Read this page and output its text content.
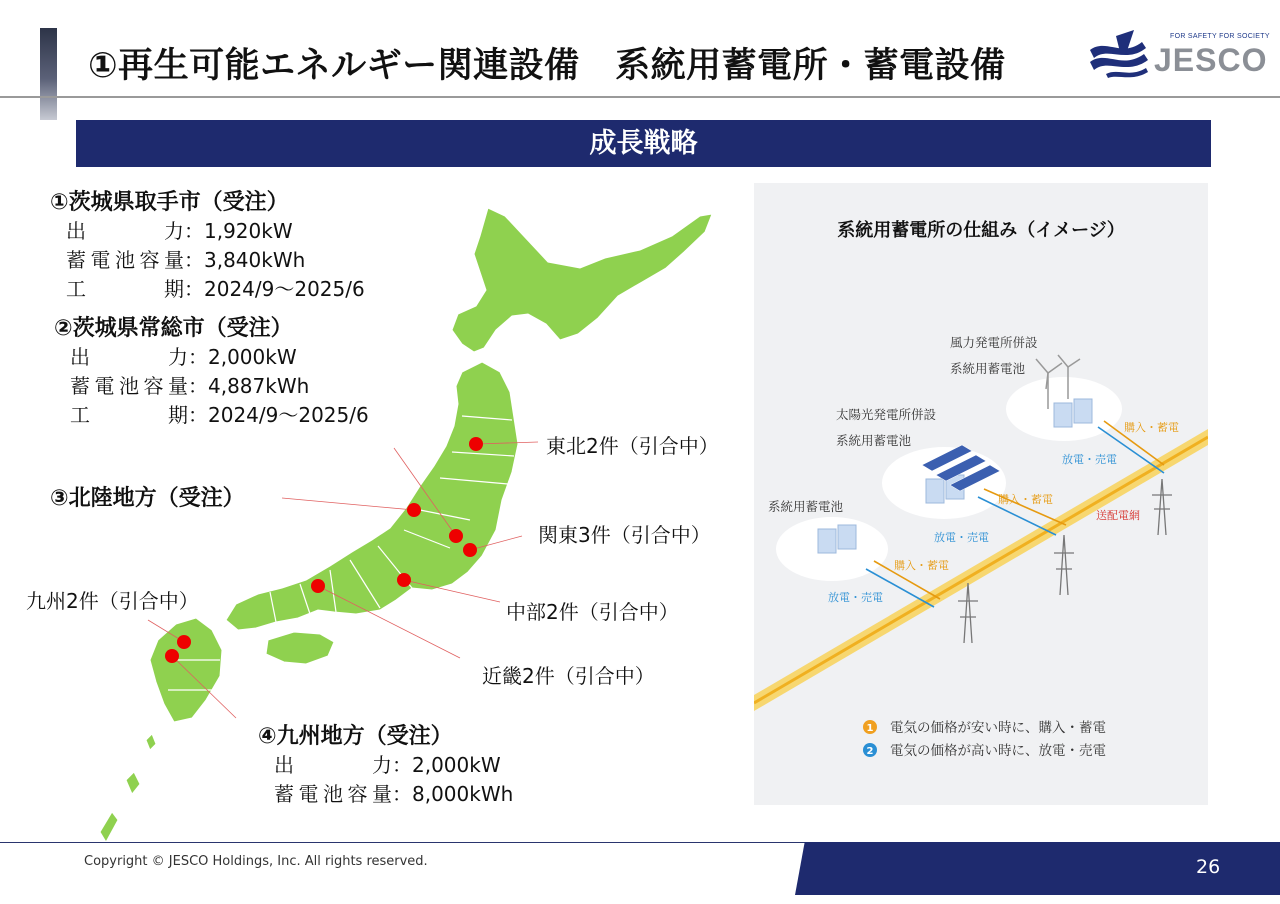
①再生可能エネルギー関連設備　系統用蓄電所・蓄電設備
FOR SAFETY FOR SOCIETY
JESCO
成長戦略
①茨城県取手市（受注）
出力	： 1,920kW
蓄電池容量	： 3,840kWh
工期	： 2024/9～2025/6
②茨城県常総市（受注）
出力	： 2,000kW
蓄電池容量	： 4,887kWh
工期	： 2024/9～2025/6
③北陸地方（受注）
④九州地方（受注）
出力	： 2,000kW
蓄電池容量	： 8,000kWh
東北2件（引合中）
関東3件（引合中）
中部2件（引合中）
近畿2件（引合中）
九州2件（引合中）
系統用蓄電所の仕組み（イメージ）
風力発電所併設
系統用蓄電池
太陽光発電所併設
系統用蓄電池
系統用蓄電池
購入・蓄電
放電・売電
購入・蓄電
放電・売電
送配電網
購入・蓄電
放電・売電
1 電気の価格が安い時に、購入・蓄電
2 電気の価格が高い時に、放電・売電
Copyright © JESCO Holdings, Inc. All rights reserved.	26
